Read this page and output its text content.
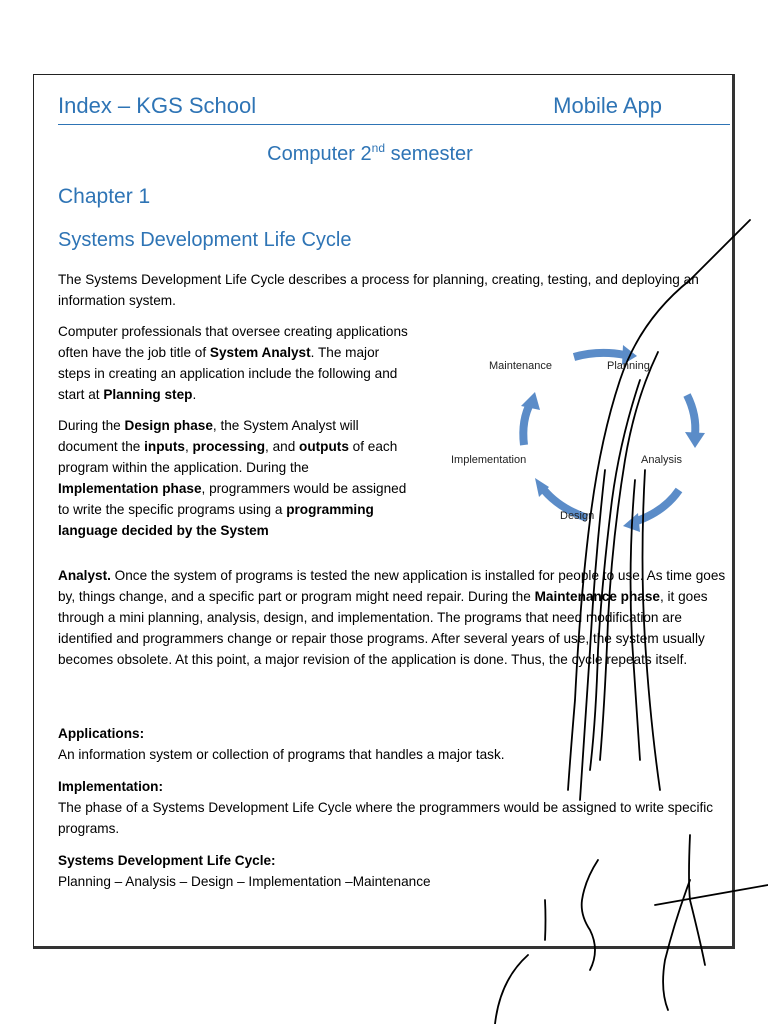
Index – KGS School	Mobile App
Computer 2nd semester
Chapter 1
Systems Development Life Cycle
The Systems Development Life Cycle describes a process for planning, creating, testing, and deploying an information system.

Computer professionals that oversee creating applications often have the job title of System Analyst. The major steps in creating an application include the following and start at Planning step.

During the Design phase, the System Analyst will document the inputs, processing, and outputs of each program within the application. During the Implementation phase, programmers would be assigned to write the specific programs using a programming language decided by the System

Analyst. Once the system of programs is tested the new application is installed for people to use. As time goes by, things change, and a specific part or program might need repair. During the Maintenance phase, it goes through a mini planning, analysis, design, and implementation. The programs that need modification are identified and programmers change or repair those programs. After several years of use, the system usually becomes obsolete. At this point, a major revision of the application is done. Thus, the cycle repeats itself.
Applications:
An information system or collection of programs that handles a major task.
Implementation:
The phase of a Systems Development Life Cycle where the programmers would be assigned to write specific programs.
Systems Development Life Cycle:
Planning – Analysis – Design – Implementation –Maintenance
Maintenance	Planning
Analysis
Design
Implementation
